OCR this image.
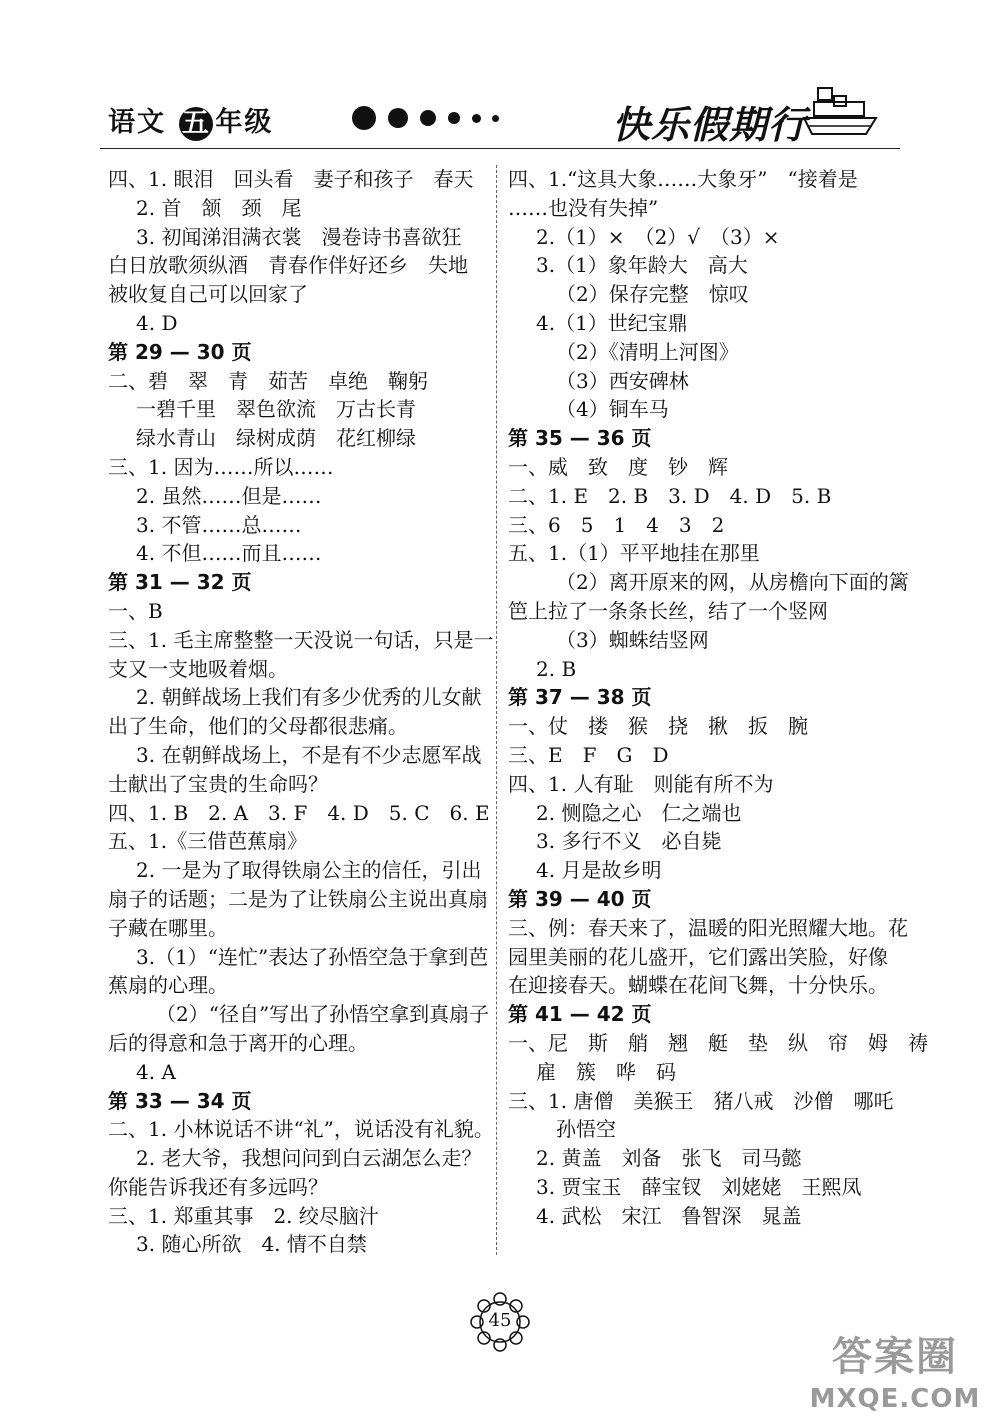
语文 五 年级	快乐假期行
四、1. 眼泪　回头看　妻子和孩子　春天
2. 首　颔　颈　尾
3. 初闻涕泪满衣裳　漫卷诗书喜欲狂
白日放歌须纵酒　青春作伴好还乡　失地
被收复自己可以回家了
4. D
第 29 — 30 页
二、碧　翠　青　茹苦　卓绝　鞠躬
一碧千里　翠色欲流　万古长青
绿水青山　绿树成荫　花红柳绿
三、1. 因为……所以……
2. 虽然……但是……
3. 不管……总……
4. 不但……而且……
第 31 — 32 页
一、B
三、1. 毛主席整整一天没说一句话，只是一
支又一支地吸着烟。
2. 朝鲜战场上我们有多少优秀的儿女献
出了生命，他们的父母都很悲痛。
3. 在朝鲜战场上，不是有不少志愿军战
士献出了宝贵的生命吗？
四、1. B　2. A　3. F　4. D　5. C　6. E
五、1.《三借芭蕉扇》
2. 一是为了取得铁扇公主的信任，引出
扇子的话题；二是为了让铁扇公主说出真扇
子藏在哪里。
3.（1）“连忙”表达了孙悟空急于拿到芭
蕉扇的心理。
（2）“径自”写出了孙悟空拿到真扇子
后的得意和急于离开的心理。
4. A
第 33 — 34 页
二、1. 小林说话不讲“礼”，说话没有礼貌。
2. 老大爷，我想问问到白云湖怎么走？
你能告诉我还有多远吗？
三、1. 郑重其事　2. 绞尽脑汁
3. 随心所欲　4. 情不自禁
四、1.“这具大象……大象牙”　“接着是
……也没有失掉”
2.（1）×　（2）√　（3）×
3.（1）象年龄大　高大
（2）保存完整　惊叹
4.（1）世纪宝鼎
（2）《清明上河图》
（3）西安碑林
（4）铜车马
第 35 — 36 页
一、威　致　度　钞　辉
二、1. E　2. B　3. D　4. D　5. B
三、6　5　1　4　3　2
五、1.（1）平平地挂在那里
（2）离开原来的网，从房檐向下面的篱
笆上拉了一条条长丝，结了一个竖网
（3）蜘蛛结竖网
2. B
第 37 — 38 页
一、仗　搂　猴　挠　揪　扳　腕
三、E　F　G　D
四、1. 人有耻　则能有所不为
2. 恻隐之心　仁之端也
3. 多行不义　必自毙
4. 月是故乡明
第 39 — 40 页
三、例：春天来了，温暖的阳光照耀大地。花
园里美丽的花儿盛开，它们露出笑脸，好像
在迎接春天。蝴蝶在花间飞舞，十分快乐。
第 41 — 42 页
一、尼　斯　艄　翘　艇　垫　纵　帘　姆　祷
雇　簇　哗　码
三、1. 唐僧　美猴王　猪八戒　沙僧　哪吒
孙悟空
2. 黄盖　刘备　张飞　司马懿
3. 贾宝玉　薛宝钗　刘姥姥　王熙凤
4. 武松　宋江　鲁智深　晁盖
45
答案圈
MXQE.COM
